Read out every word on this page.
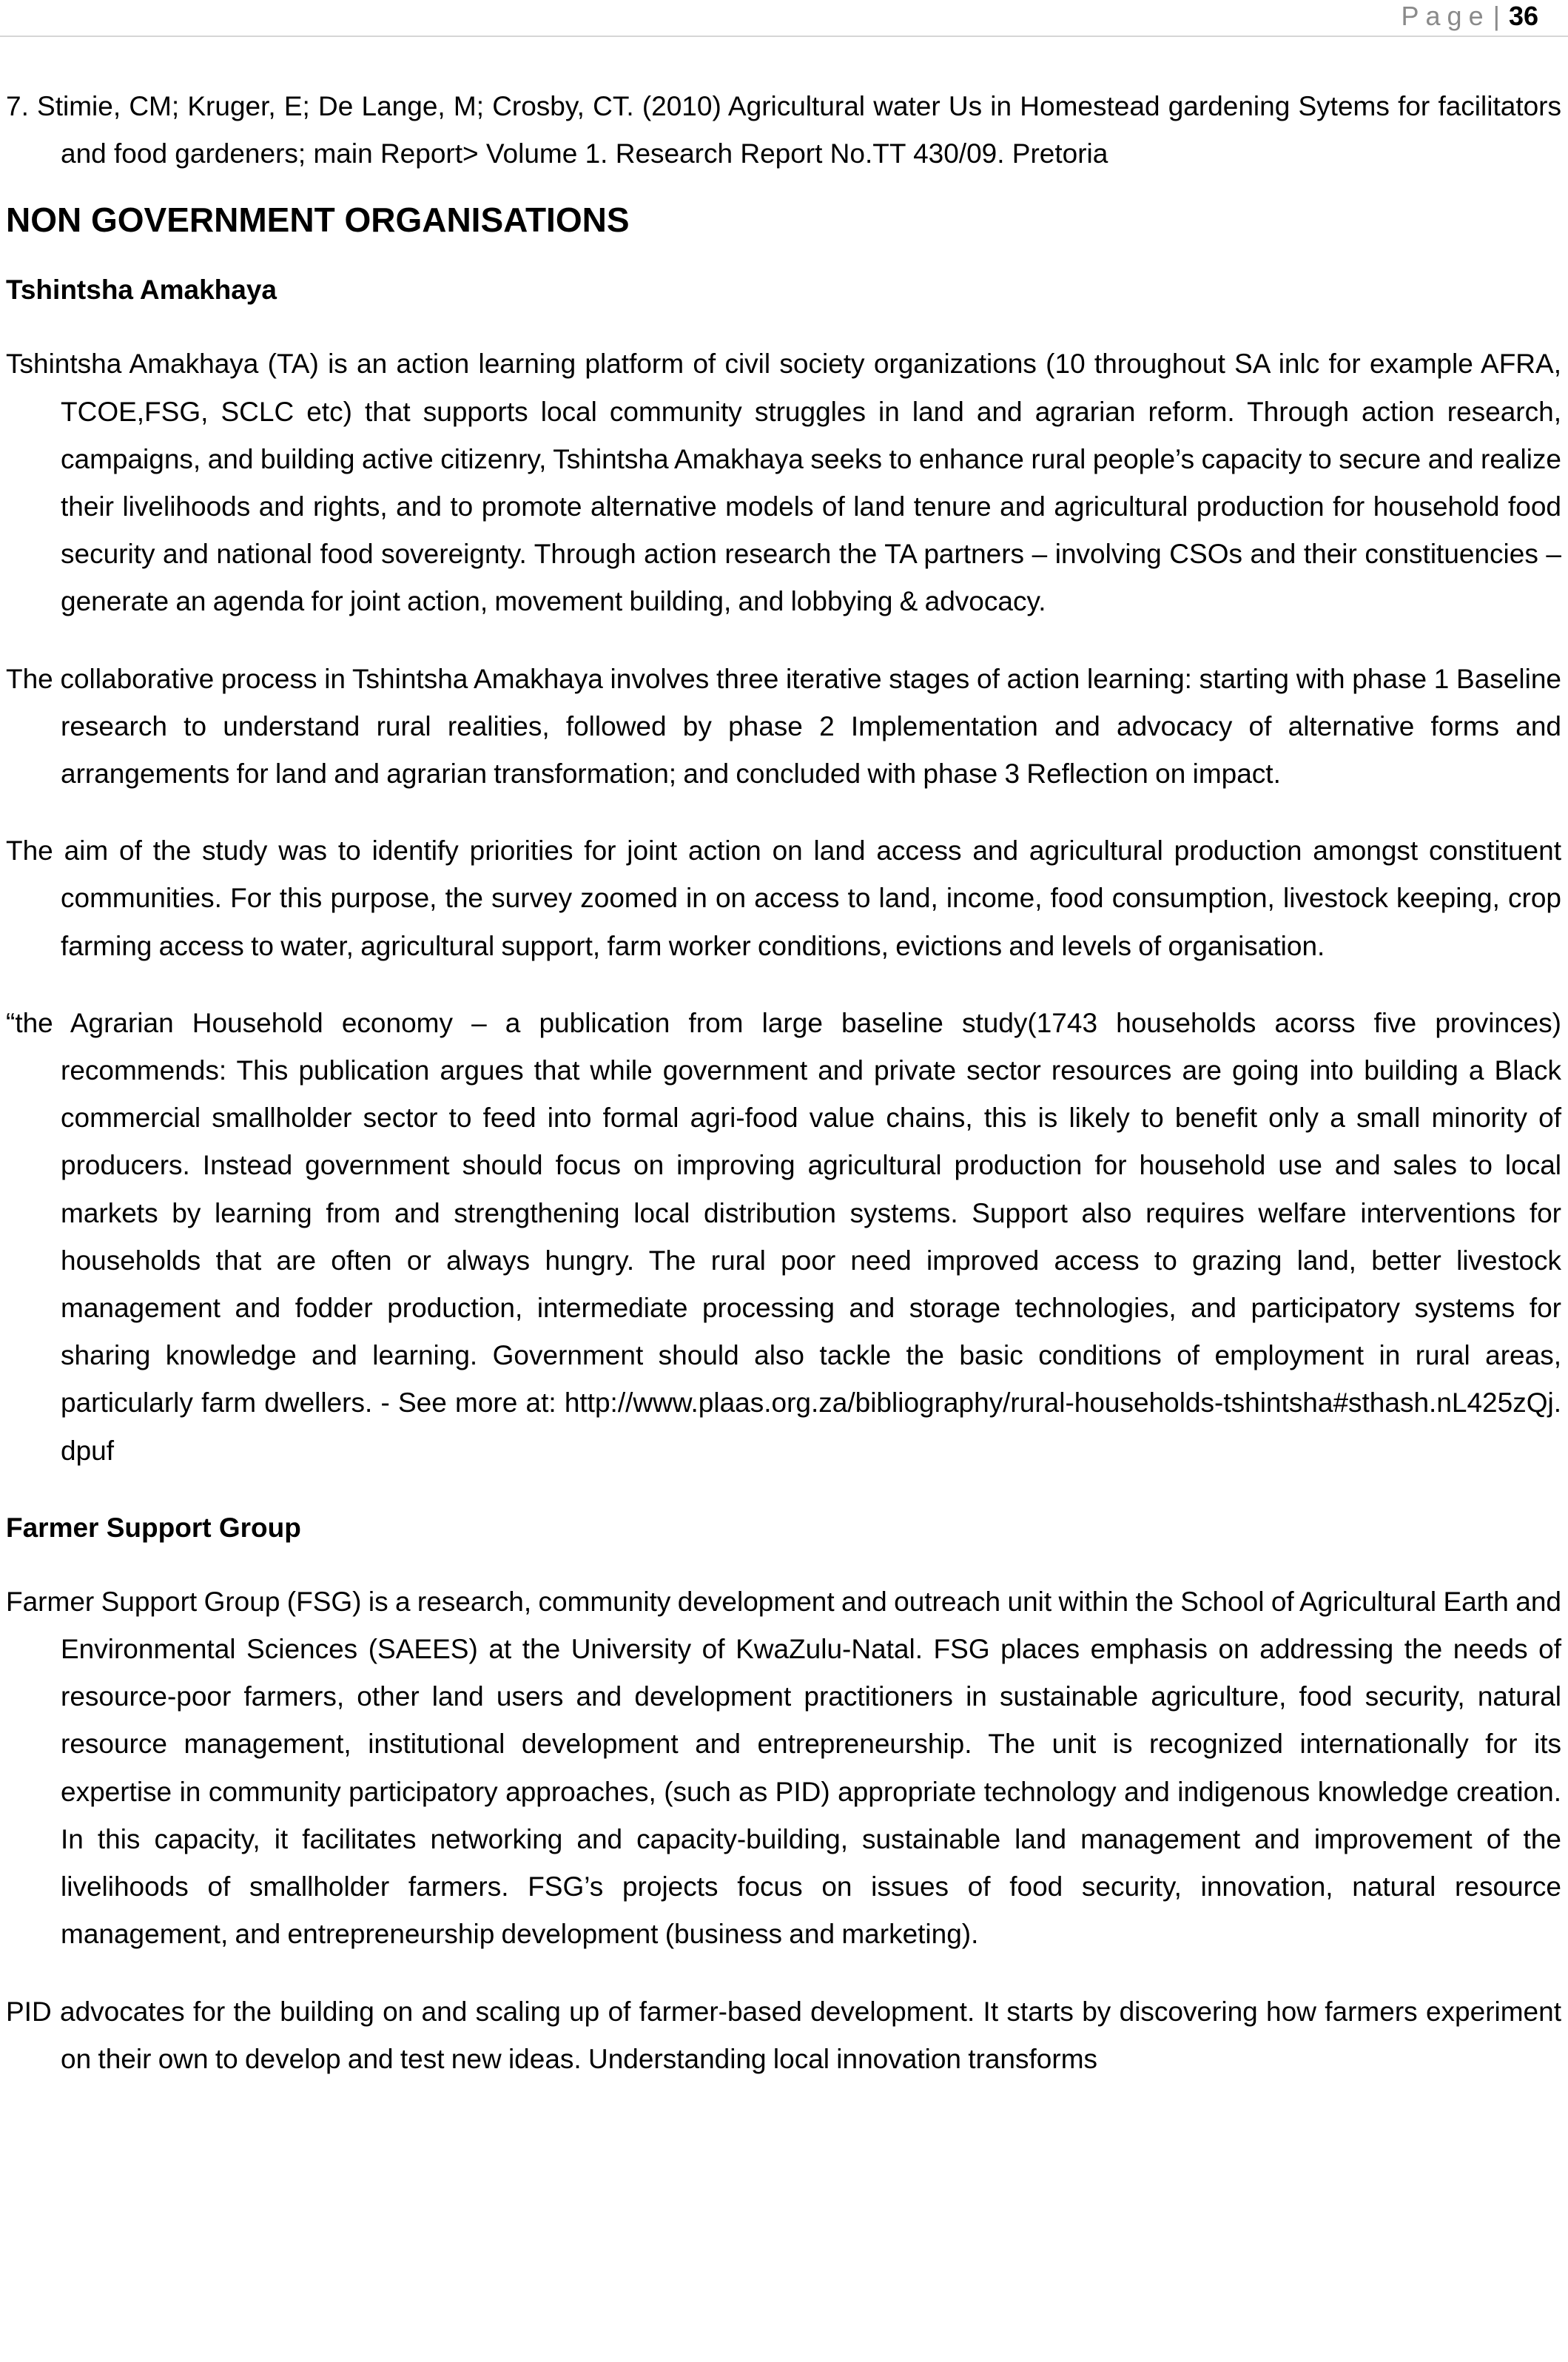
Page | 36

7. Stimie, CM; Kruger, E; De Lange, M; Crosby, CT. (2010) Agricultural water Us in Homestead gardening Sytems for facilitators and food gardeners; main Report> Volume 1. Research Report No.TT 430/09. Pretoria

NON GOVERNMENT ORGANISATIONS
Tshintsha Amakhaya

Tshintsha Amakhaya (TA) is an action learning platform of civil society organizations (10 throughout SA inlc for example AFRA, TCOE,FSG, SCLC etc) that supports local community struggles in land and agrarian reform. Through action research, campaigns, and building active citizenry, Tshintsha Amakhaya seeks to enhance rural people’s capacity to secure and realize their livelihoods and rights, and to promote alternative models of land tenure and agricultural production for household food security and national food sovereignty. Through action research the TA partners – involving CSOs and their constituencies – generate an agenda for joint action, movement building, and lobbying & advocacy.

The collaborative process in Tshintsha Amakhaya involves three iterative stages of action learning: starting with phase 1 Baseline research to understand rural realities, followed by phase 2 Implementation and advocacy of alternative forms and arrangements for land and agrarian transformation; and concluded with phase 3 Reflection on impact.

The aim of the study was to identify priorities for joint action on land access and agricultural production amongst constituent communities. For this purpose, the survey zoomed in on access to land, income, food consumption, livestock keeping, crop farming access to water, agricultural support, farm worker conditions, evictions and levels of organisation.

“the Agrarian Household economy – a publication from large baseline study(1743 households acorss five provinces) recommends: This publication argues that while government and private sector resources are going into building a Black commercial smallholder sector to feed into formal agri-food value chains, this is likely to benefit only a small minority of producers. Instead government should focus on improving agricultural production for household use and sales to local markets by learning from and strengthening local distribution systems. Support also requires welfare interventions for households that are often or always hungry. The rural poor need improved access to grazing land, better livestock management and fodder production, intermediate processing and storage technologies, and participatory systems for sharing knowledge and learning. Government should also tackle the basic conditions of employment in rural areas, particularly farm dwellers. - See more at: http://www.plaas.org.za/bibliography/rural-households-tshintsha#sthash.nL425zQj.dpuf

Farmer Support Group

Farmer Support Group (FSG) is a research, community development and outreach unit within the School of Agricultural Earth and Environmental Sciences (SAEES) at the University of KwaZulu-Natal. FSG places emphasis on addressing the needs of resource-poor farmers, other land users and development practitioners in sustainable agriculture, food security, natural resource management, institutional development and entrepreneurship. The unit is recognized internationally for its expertise in community participatory approaches, (such as PID) appropriate technology and indigenous knowledge creation. In this capacity, it facilitates networking and capacity-building, sustainable land management and improvement of the livelihoods of smallholder farmers. FSG’s projects focus on issues of food security, innovation, natural resource management, and entrepreneurship development (business and marketing).

PID advocates for the building on and scaling up of farmer-based development. It starts by discovering how farmers experiment on their own to develop and test new ideas. Understanding local innovation transforms
